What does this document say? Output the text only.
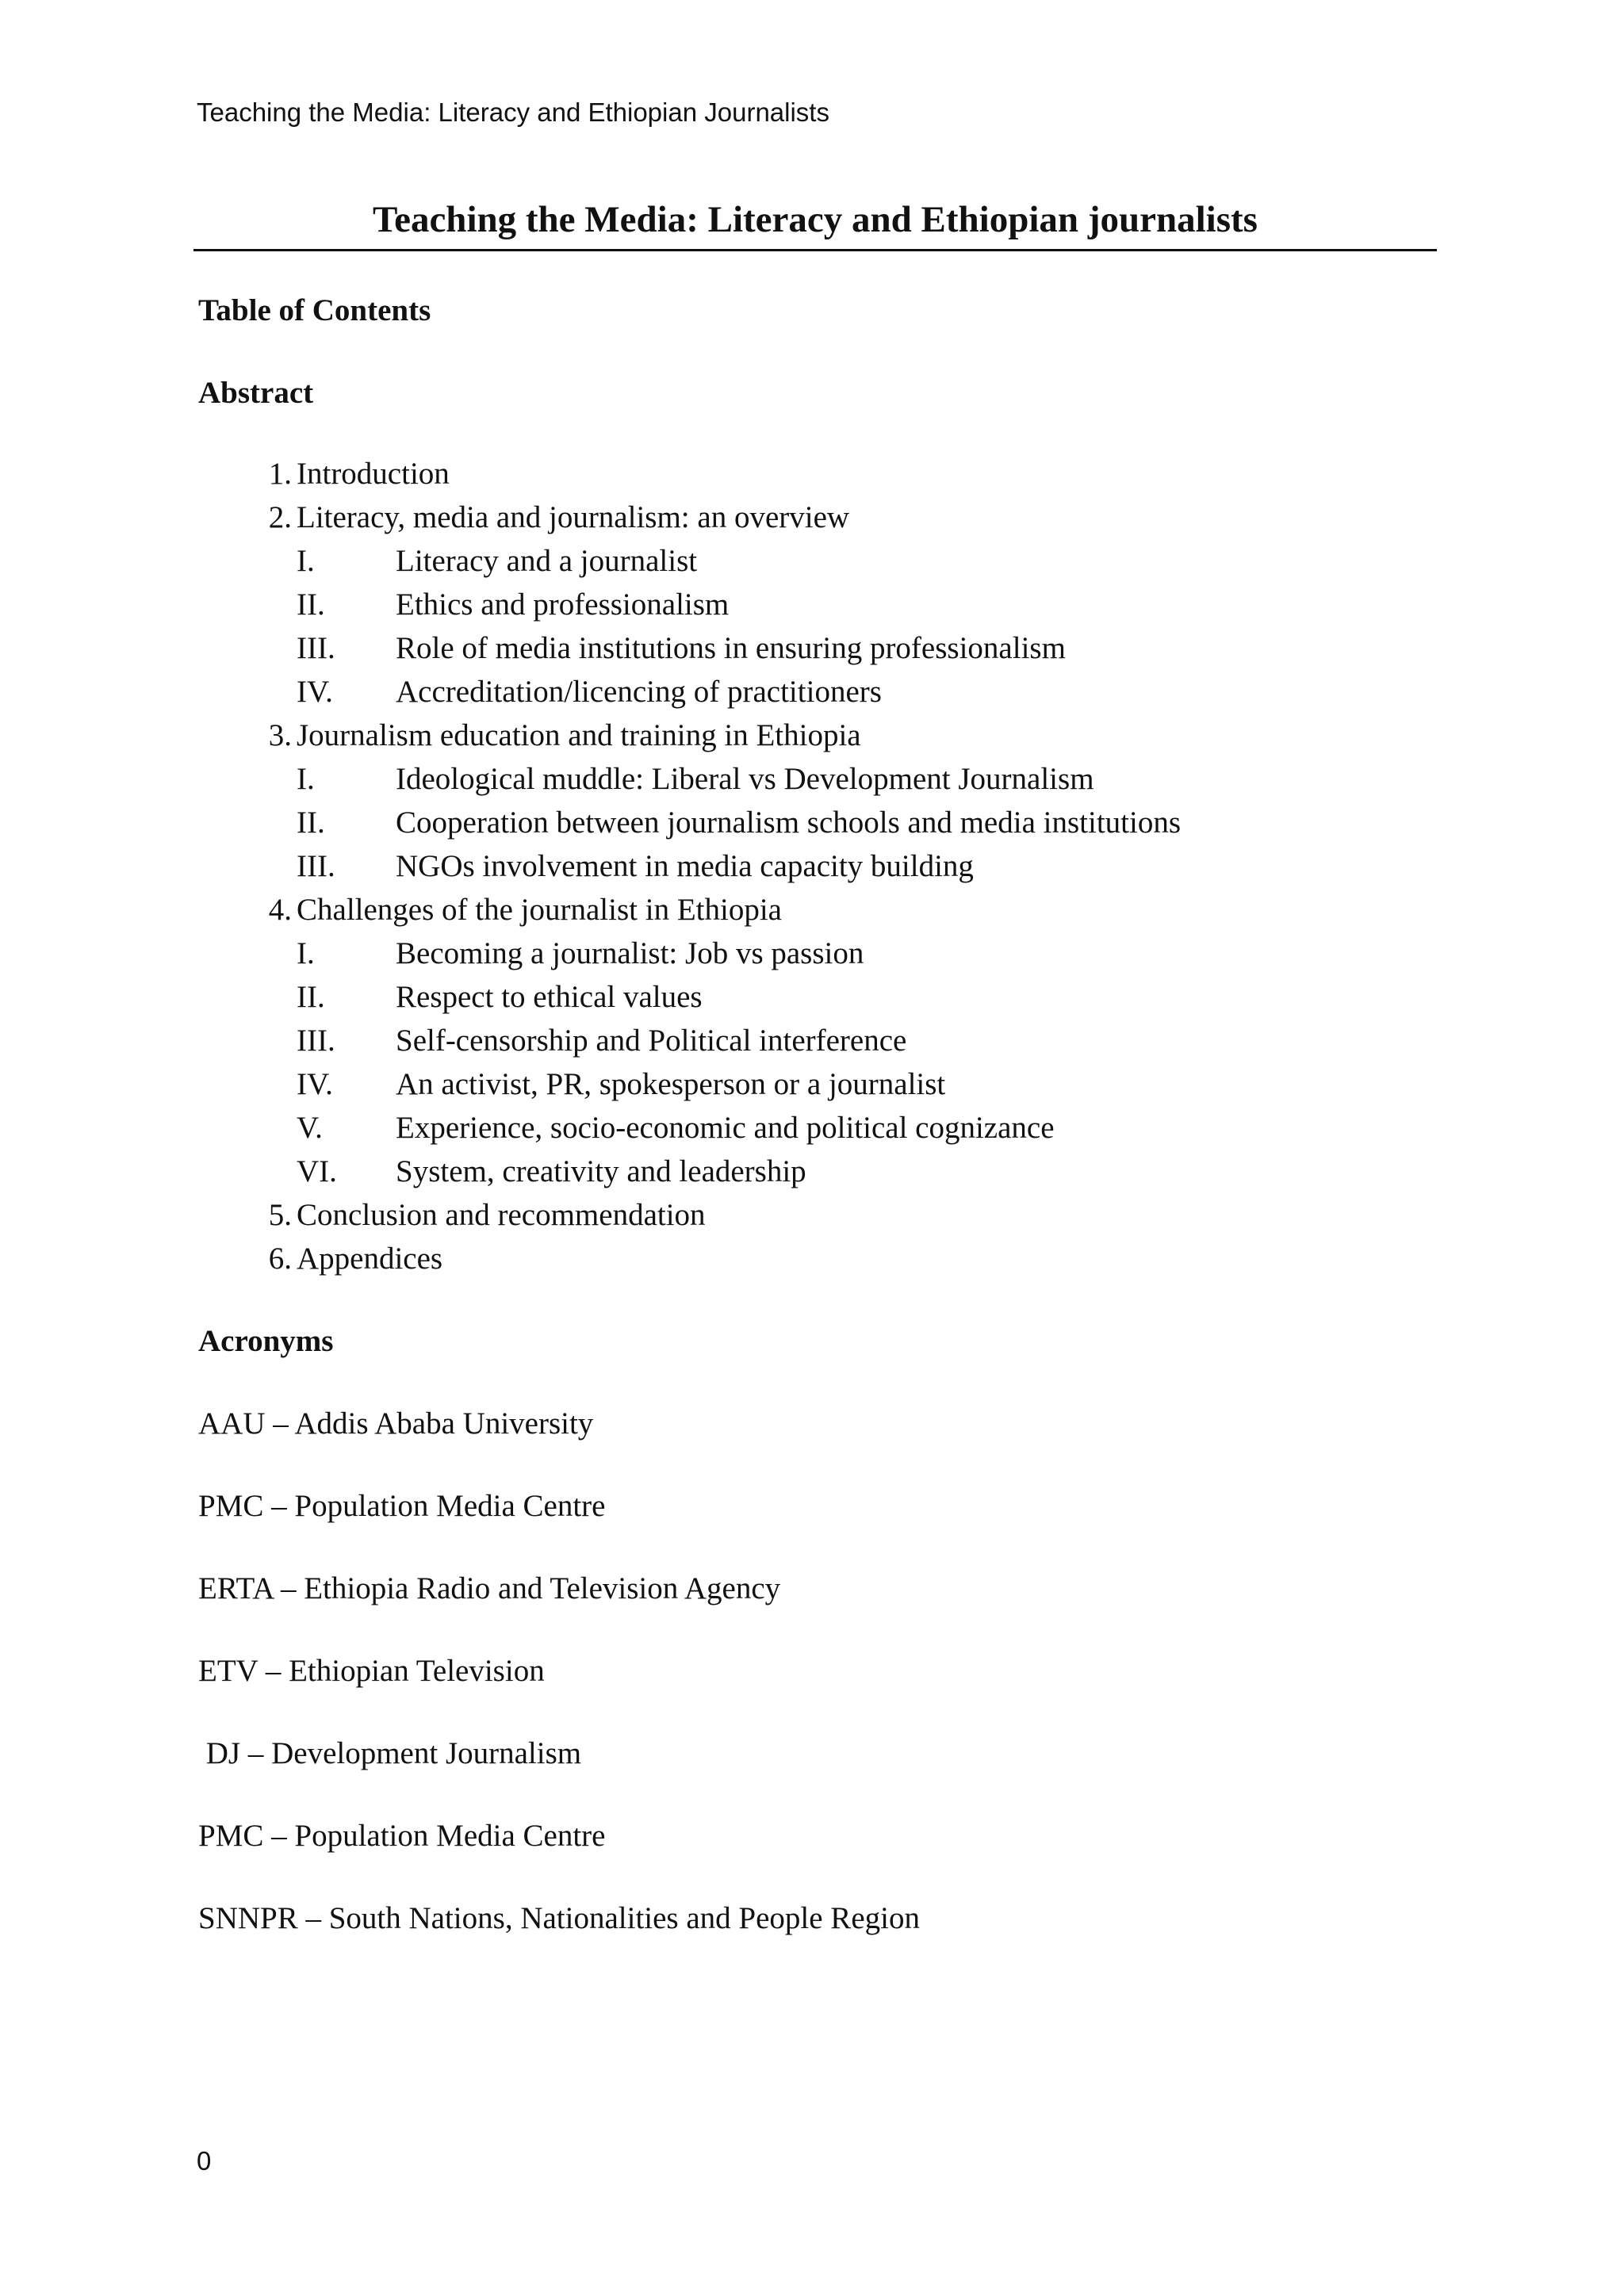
Teaching the Media: Literacy and Ethiopian Journalists
Teaching the Media: Literacy and Ethiopian journalists
Table of Contents
Abstract
1. Introduction
2. Literacy, media and journalism: an overview
I.	Literacy and a journalist
II. Ethics and professionalism
III. Role of media institutions in ensuring professionalism
IV. Accreditation/licencing of practitioners
3. Journalism education and training in Ethiopia
I.	Ideological muddle: Liberal vs Development Journalism
II. Cooperation between journalism schools and media institutions
III. NGOs involvement in media capacity building
4. Challenges of the journalist in Ethiopia
I.	Becoming a journalist: Job vs passion
II. Respect to ethical values
III. Self-censorship and Political interference
IV. An activist, PR, spokesperson or a journalist
V. Experience, socio-economic and political cognizance
VI. System, creativity and leadership
5. Conclusion and recommendation
6. Appendices
Acronyms
AAU – Addis Ababa University
PMC – Population Media Centre
ERTA – Ethiopia Radio and Television Agency
ETV – Ethiopian Television
DJ – Development Journalism
PMC – Population Media Centre
SNNPR – South Nations, Nationalities and People Region
0
